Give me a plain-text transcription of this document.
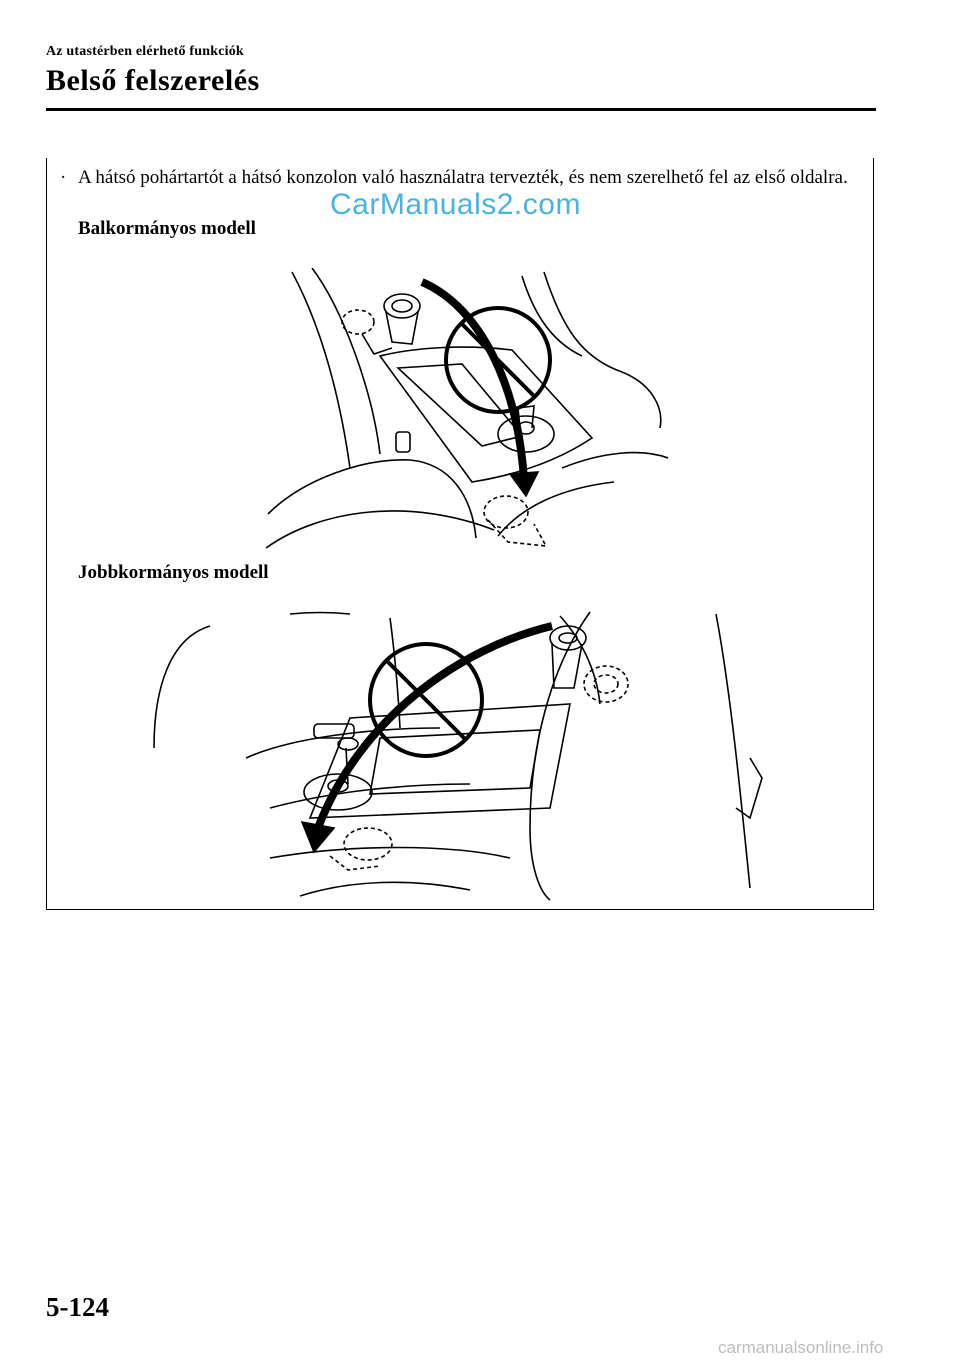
Az utastérben elérhető funkciók
Belső felszerelés
· A hátsó pohártartót a hátsó konzolon való használatra tervezték, és nem szerelhető fel az első oldalra.
CarManuals2.com
Balkormányos modell
Jobbkormányos modell
5-124
carmanualsonline.info
